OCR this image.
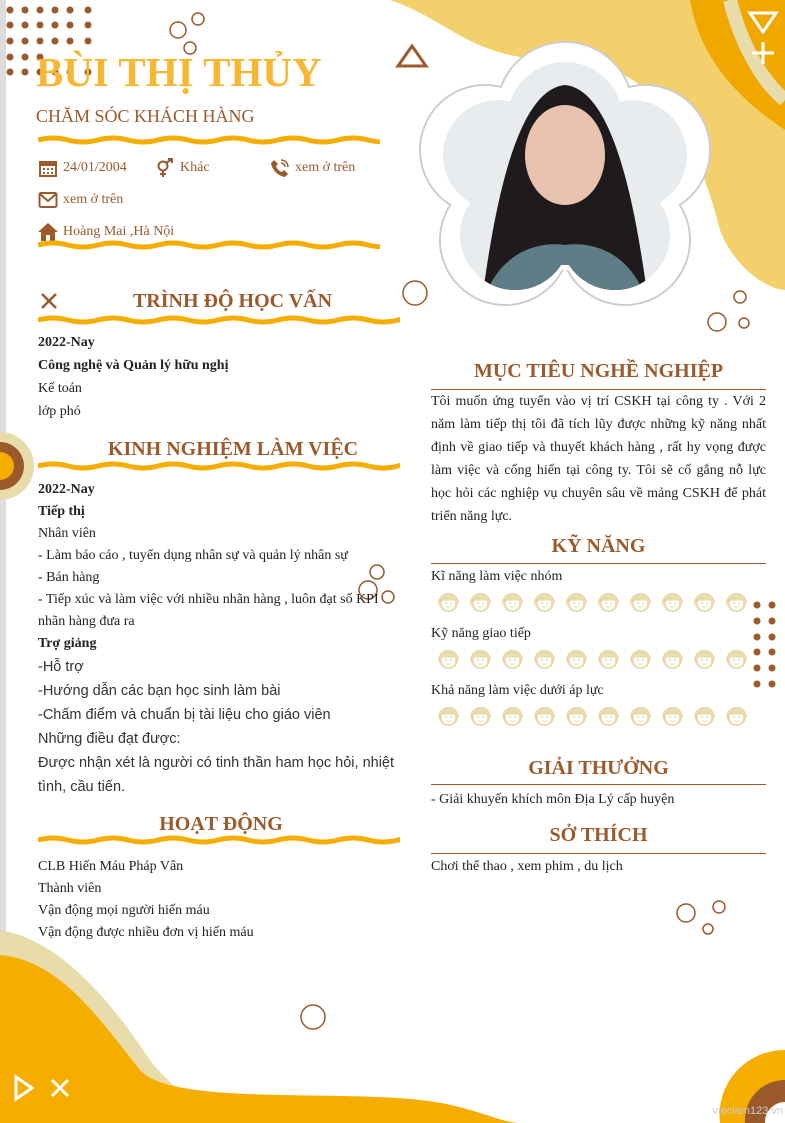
BÙI THỊ THỦY
CHĂM SÓC KHÁCH HÀNG
24/01/2004	Khác	xem ở trên
xem ở trên
Hoàng Mai ,Hà Nội
TRÌNH ĐỘ HỌC VẤN
2022-Nay
Công nghệ và Quản lý hữu nghị
Kế toán
lớp phó
KINH NGHIỆM LÀM VIỆC
2022-Nay
Tiếp thị
Nhân viên
- Làm báo cáo , tuyển dụng nhân sự và quản lý nhân sự
- Bán hàng
- Tiếp xúc và làm việc với nhiều nhãn hàng , luôn đạt số KPI nhãn hàng đưa ra
Trợ giảng
-Hỗ trợ
-Hướng dẫn các bạn học sinh làm bài
-Chấm điểm và chuẩn bị tài liệu cho giáo viên
Những điều đạt được:
Được nhận xét là người có tinh thần ham học hỏi, nhiệt tình, cầu tiến.
HOẠT ĐỘNG
CLB Hiến Máu Pháp Vân
Thành viên
Vận động mọi người hiến máu
Vận động được nhiều đơn vị hiến máu
MỤC TIÊU NGHỀ NGHIỆP
Tôi muốn ứng tuyển vào vị trí CSKH tại công ty . Với 2 năm làm tiếp thị tôi đã tích lũy được những kỹ năng nhất định về giao tiếp và thuyết khách hàng , rất hy vọng được làm việc và cống hiến tại công ty. Tôi sẽ cố gắng nỗ lực học hỏi các nghiệp vụ chuyên sâu về mảng CSKH để phát triển năng lực.
KỸ NĂNG
Kĩ năng làm việc nhóm
Kỹ năng giao tiếp
Khả năng làm việc dưới áp lực
GIẢI THƯỞNG
- Giải khuyến khích môn Địa Lý cấp huyện
SỞ THÍCH
Chơi thể thao , xem phim , du lịch
vieclam123.vn
